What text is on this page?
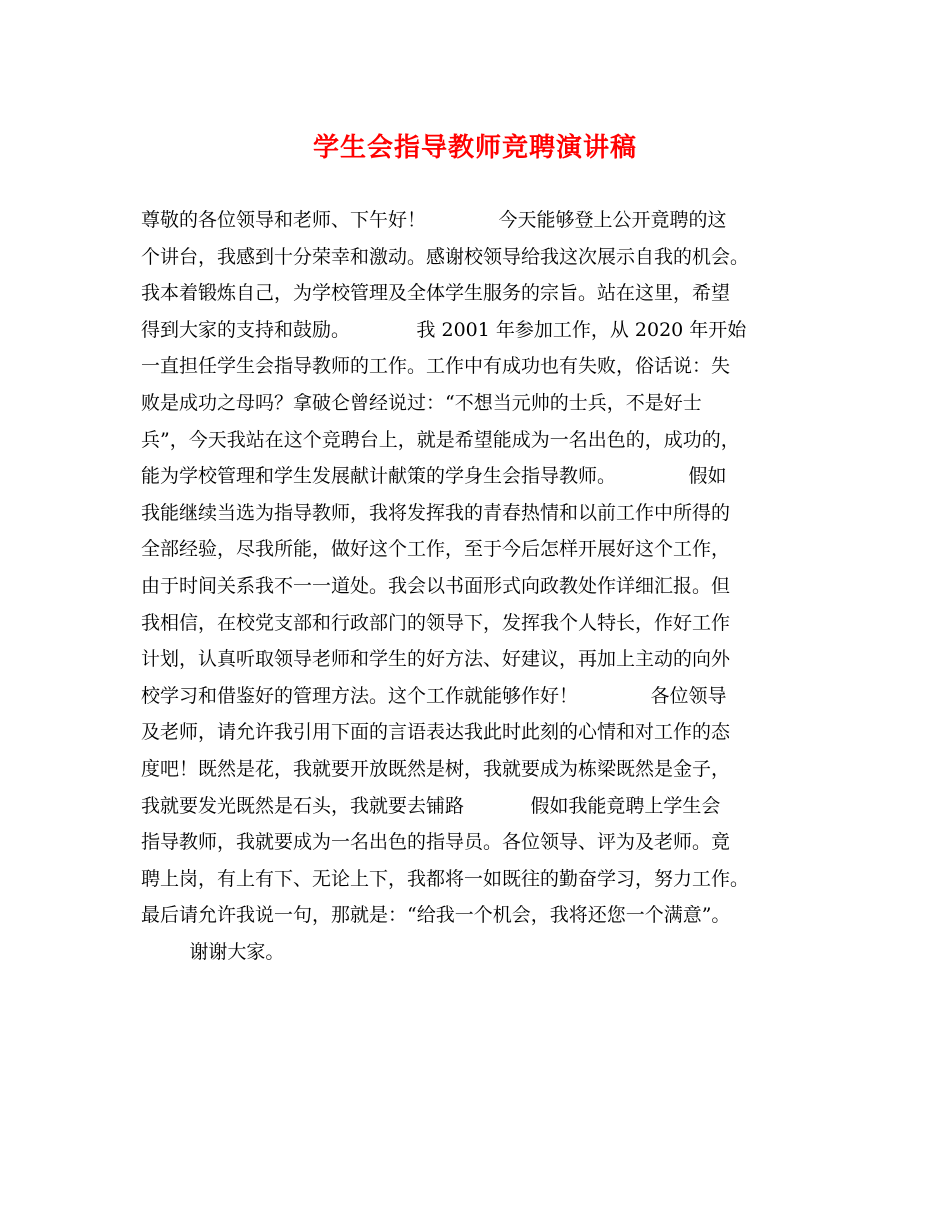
学生会指导教师竞聘演讲稿
尊敬的各位领导和老师、下午好！            今天能够登上公开竟聘的这
个讲台，我感到十分荣幸和激动。感谢校领导给我这次展示自我的机会。
我本着锻炼自己，为学校管理及全体学生服务的宗旨。站在这里，希望
得到大家的支持和鼓励。           我 2001 年参加工作，从 2020 年开始
一直担任学生会指导教师的工作。工作中有成功也有失败，俗话说：失
败是成功之母吗？拿破仑曾经说过：“不想当元帅的士兵，不是好士
兵”，今天我站在这个竞聘台上，就是希望能成为一名出色的，成功的，
能为学校管理和学生发展献计献策的学身生会指导教师。            假如
我能继续当选为指导教师，我将发挥我的青春热情和以前工作中所得的
全部经验，尽我所能，做好这个工作，至于今后怎样开展好这个工作，
由于时间关系我不一一道处。我会以书面形式向政教处作详细汇报。但
我相信，在校党支部和行政部门的领导下，发挥我个人特长，作好工作
计划，认真听取领导老师和学生的好方法、好建议，再加上主动的向外
校学习和借鉴好的管理方法。这个工作就能够作好！            各位领导
及老师，请允许我引用下面的言语表达我此时此刻的心情和对工作的态
度吧！既然是花，我就要开放既然是树，我就要成为栋梁既然是金子，
我就要发光既然是石头，我就要去铺路           假如我能竟聘上学生会
指导教师，我就要成为一名出色的指导员。各位领导、评为及老师。竟
聘上岗，有上有下、无论上下，我都将一如既往的勤奋学习，努力工作。
最后请允许我说一句，那就是：“给我一个机会，我将还您一个满意”。
谢谢大家。
